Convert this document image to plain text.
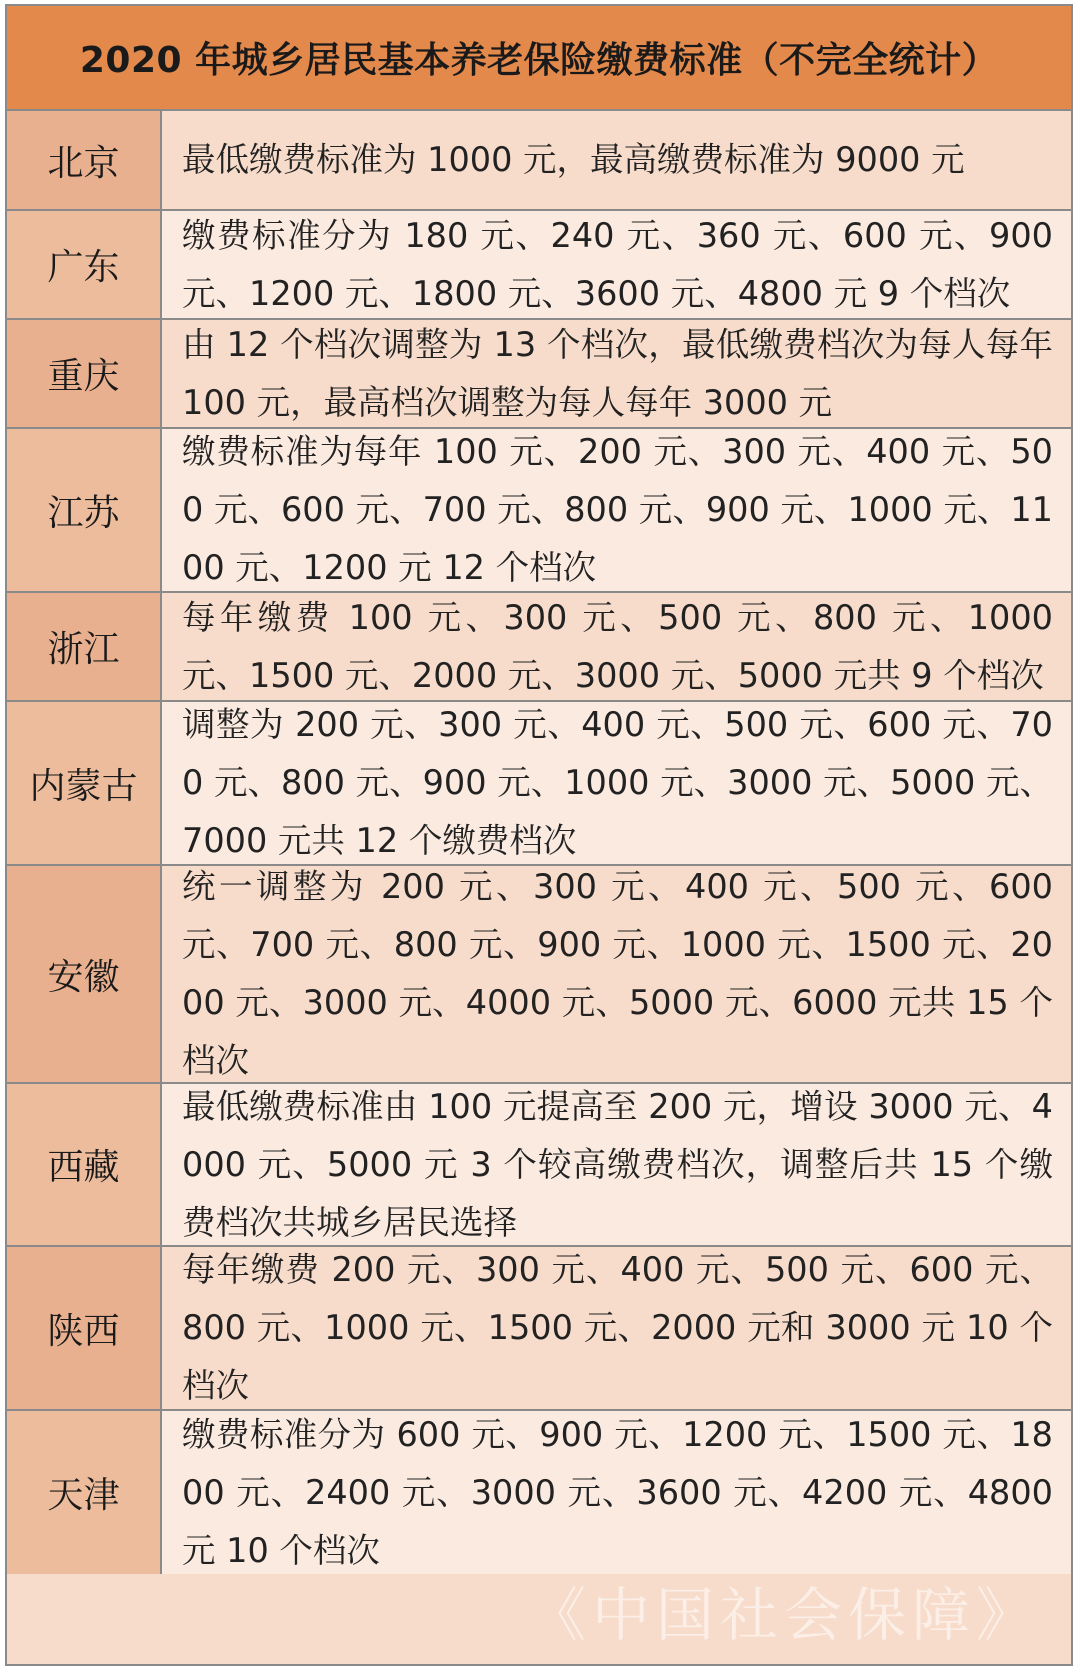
2020 年城乡居民基本养老保险缴费标准（不完全统计）
北京	最低缴费标准为 1000 元，最高缴费标准为 9000 元
广东
缴费标准分为 180 元、240 元、360 元、600 元、900 元、1200 元、1800 元、3600 元、4800 元 9 个档次
重庆
由 12 个档次调整为 13 个档次，最低缴费档次为每人每年 100 元，最高档次调整为每人每年 3000 元
江苏
缴费标准为每年 100 元、200 元、300 元、400 元、500 元、600 元、700 元、800 元、900 元、1000 元、1100 元、1200 元 12 个档次
浙江
每年缴费 100 元、300 元、500 元、800 元、1000 元、1500 元、2000 元、3000 元、5000 元共 9 个档次
内蒙古
调整为 200 元、300 元、400 元、500 元、600 元、700 元、800 元、900 元、1000 元、3000 元、5000 元、7000 元共 12 个缴费档次
安徽
统一调整为 200 元、300 元、400 元、500 元、600 元、700 元、800 元、900 元、1000 元、1500 元、2000 元、3000 元、4000 元、5000 元、6000 元共 15 个档次
西藏
最低缴费标准由 100 元提高至 200 元，增设 3000 元、4000 元、5000 元 3 个较高缴费档次，调整后共 15 个缴费档次共城乡居民选择
陕西
每年缴费 200 元、300 元、400 元、500 元、600 元、800 元、1000 元、1500 元、2000 元和 3000 元 10 个档次
天津
缴费标准分为 600 元、900 元、1200 元、1500 元、1800 元、2400 元、3000 元、3600 元、4200 元、4800 元 10 个档次
《中国社会保障》
